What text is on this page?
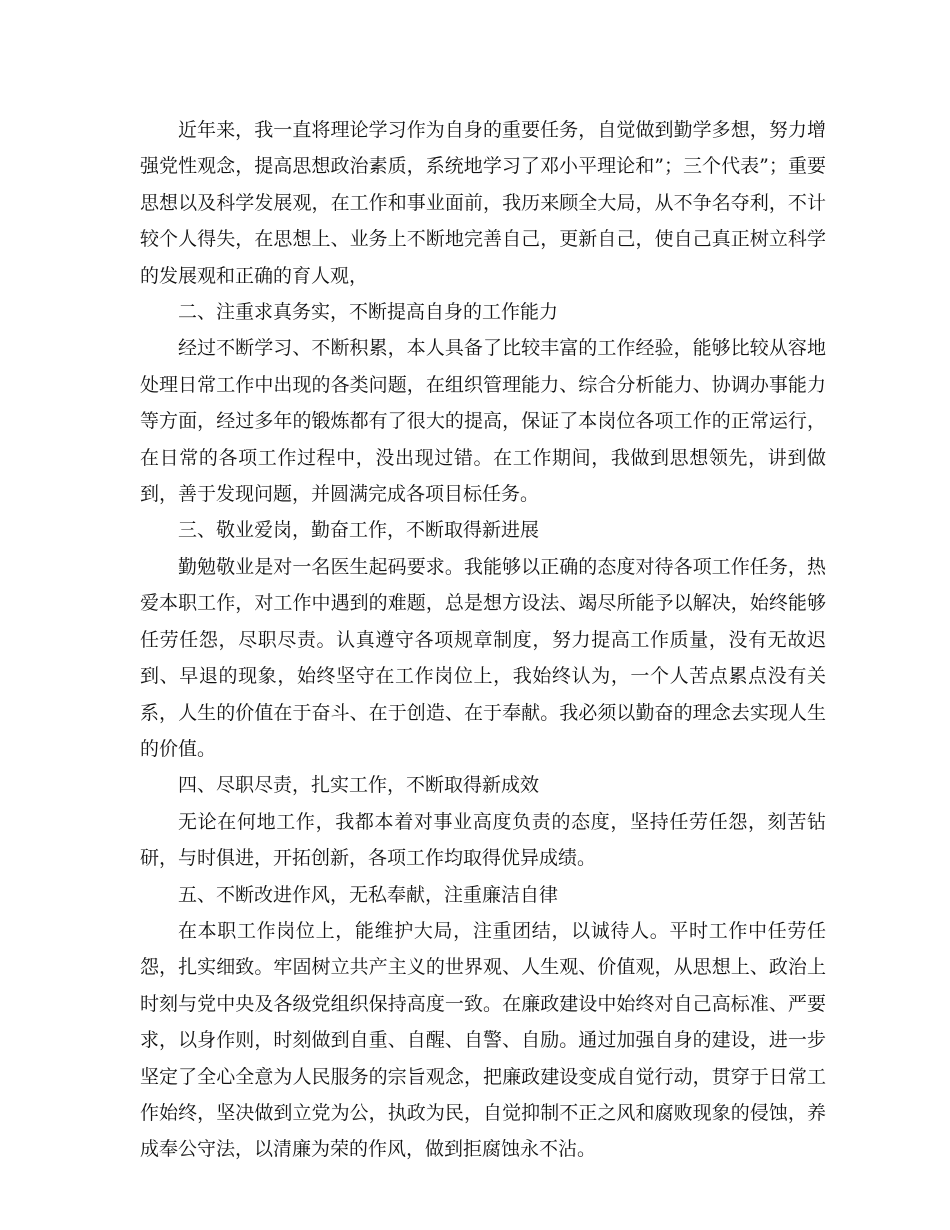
近年来，我一直将理论学习作为自身的重要任务，自觉做到勤学多想，努力增强党性观念，提高思想政治素质，系统地学习了邓小平理论和”；三个代表”；重要思想以及科学发展观，在工作和事业面前，我历来顾全大局，从不争名夺利，不计较个人得失，在思想上、业务上不断地完善自己，更新自己，使自己真正树立科学的发展观和正确的育人观，

二、注重求真务实，不断提高自身的工作能力

经过不断学习、不断积累，本人具备了比较丰富的工作经验，能够比较从容地处理日常工作中出现的各类问题，在组织管理能力、综合分析能力、协调办事能力等方面，经过多年的锻炼都有了很大的提高，保证了本岗位各项工作的正常运行，在日常的各项工作过程中，没出现过错。在工作期间，我做到思想领先，讲到做到，善于发现问题，并圆满完成各项目标任务。

三、敬业爱岗，勤奋工作，不断取得新进展

勤勉敬业是对一名医生起码要求。我能够以正确的态度对待各项工作任务，热爱本职工作，对工作中遇到的难题，总是想方设法、竭尽所能予以解决，始终能够任劳任怨，尽职尽责。认真遵守各项规章制度，努力提高工作质量，没有无故迟到、早退的现象，始终坚守在工作岗位上，我始终认为，一个人苦点累点没有关系，人生的价值在于奋斗、在于创造、在于奉献。我必须以勤奋的理念去实现人生的价值。

四、尽职尽责，扎实工作，不断取得新成效

无论在何地工作，我都本着对事业高度负责的态度，坚持任劳任怨，刻苦钻研，与时俱进，开拓创新，各项工作均取得优异成绩。

五、不断改进作风，无私奉献，注重廉洁自律

在本职工作岗位上，能维护大局，注重团结，以诚待人。平时工作中任劳任怨，扎实细致。牢固树立共产主义的世界观、人生观、价值观，从思想上、政治上时刻与党中央及各级党组织保持高度一致。在廉政建设中始终对自己高标准、严要求，以身作则，时刻做到自重、自醒、自警、自励。通过加强自身的建设，进一步坚定了全心全意为人民服务的宗旨观念，把廉政建设变成自觉行动，贯穿于日常工作始终，坚决做到立党为公，执政为民，自觉抑制不正之风和腐败现象的侵蚀，养成奉公守法，以清廉为荣的作风，做到拒腐蚀永不沾。
